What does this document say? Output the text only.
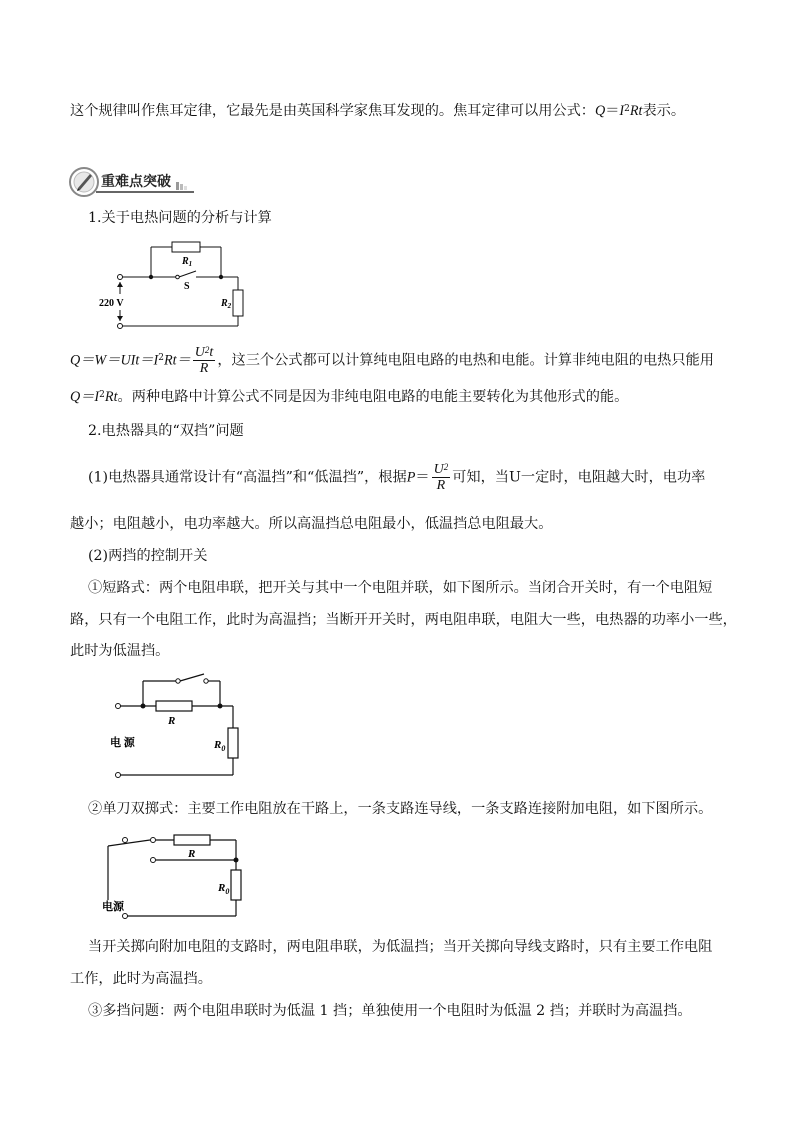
这个规律叫作焦耳定律，它最先是由英国科学家焦耳发现的。焦耳定律可以用公式：$Q=I^2Rt$表示。
重难点突破
1.关于电热问题的分析与计算
$R_1$
S
220 V	$R_2$
$Q=W=UIt=I^2Rt= \frac{U^2t}{R}$ ，这三个公式都可以计算纯电阻电路的电热和电能。计算非纯电阻的电热只能用
$Q=I^2Rt$。两种电路中计算公式不同是因为非纯电阻电路的电能主要转化为其他形式的能。
2.电热器具的“双挡”问题
(1)电热器具通常设计有“高温挡”和“低温挡”，根据$P= \frac{U^2}{R}$ 可知，当U一定时，电阻越大时，电功率
越小；电阻越小，电功率越大。所以高温挡总电阻最小，低温挡总电阻最大。
(2)两挡的控制开关
①短路式：两个电阻串联，把开关与其中一个电阻并联，如下图所示。当闭合开关时，有一个电阻短
路，只有一个电阻工作，此时为高温挡；当断开开关时，两电阻串联，电阻大一些，电热器的功率小一些，
此时为低温挡。
R
$R_0$
电 源
②单刀双掷式：主要工作电阻放在干路上，一条支路连导线，一条支路连接附加电阻，如下图所示。
R
$R_0$
电源
当开关掷向附加电阻的支路时，两电阻串联，为低温挡；当开关掷向导线支路时，只有主要工作电阻
工作，此时为高温挡。
③多挡问题：两个电阻串联时为低温 1 挡；单独使用一个电阻时为低温 2 挡；并联时为高温挡。
